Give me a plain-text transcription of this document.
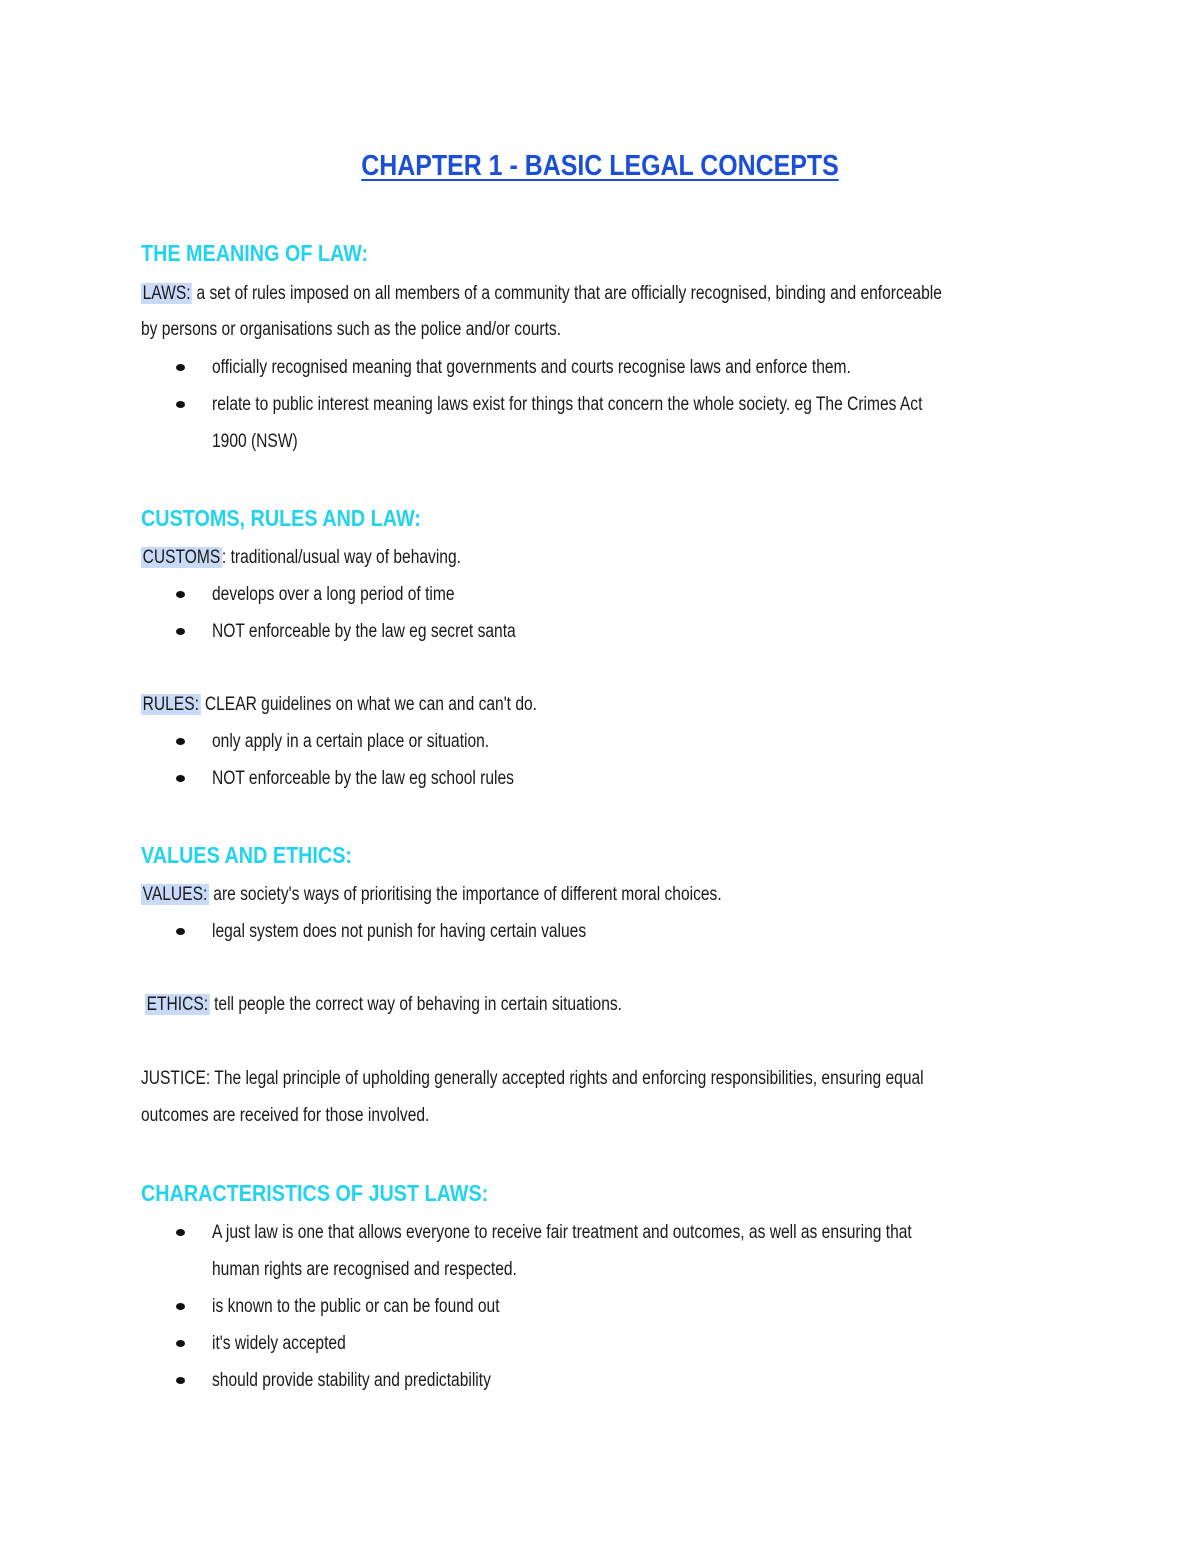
CHAPTER 1 - BASIC LEGAL CONCEPTS
THE MEANING OF LAW:
LAWS: a set of rules imposed on all members of a community that are officially recognised, binding and enforceable
by persons or organisations such as the police and/or courts.
officially recognised meaning that governments and courts recognise laws and enforce them.
relate to public interest meaning laws exist for things that concern the whole society. eg The Crimes Act
1900 (NSW)
CUSTOMS, RULES AND LAW:
CUSTOMS: traditional/usual way of behaving.
develops over a long period of time
NOT enforceable by the law eg secret santa
RULES: CLEAR guidelines on what we can and can't do.
only apply in a certain place or situation.
NOT enforceable by the law eg school rules
VALUES AND ETHICS:
VALUES: are society's ways of prioritising the importance of different moral choices.
legal system does not punish for having certain values
ETHICS: tell people the correct way of behaving in certain situations.
JUSTICE: The legal principle of upholding generally accepted rights and enforcing responsibilities, ensuring equal
outcomes are received for those involved.
CHARACTERISTICS OF JUST LAWS:
A just law is one that allows everyone to receive fair treatment and outcomes, as well as ensuring that
human rights are recognised and respected.
is known to the public or can be found out
it's widely accepted
should provide stability and predictability
